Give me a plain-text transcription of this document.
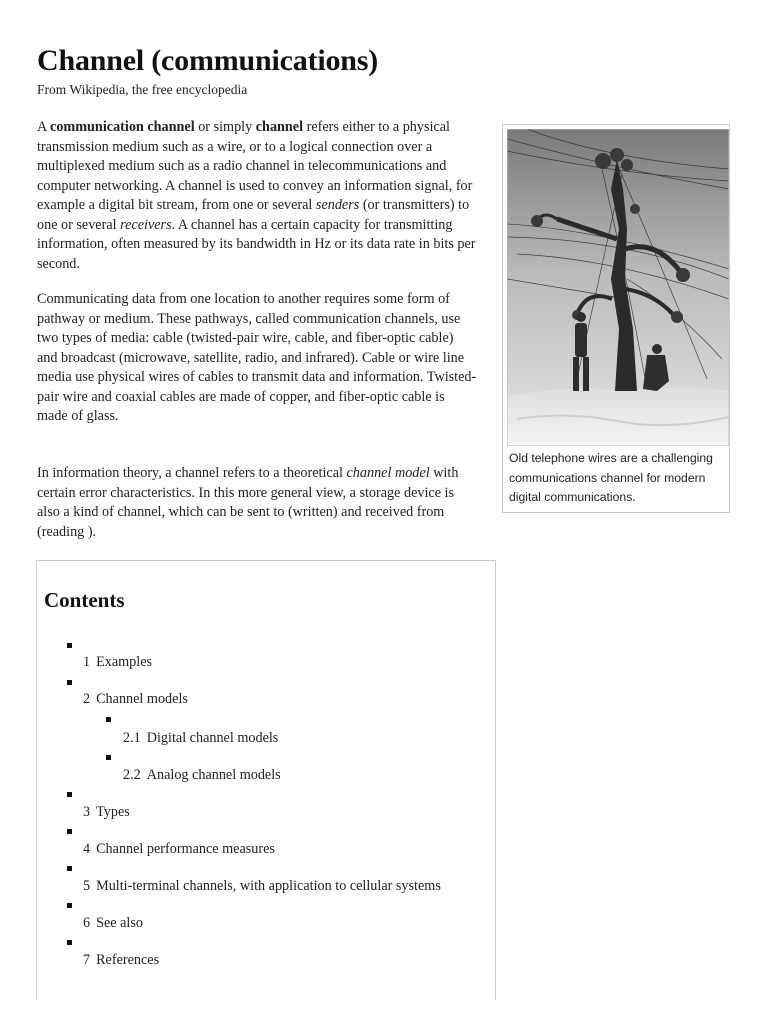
Channel (communications)
From Wikipedia, the free encyclopedia

A communication channel or simply channel refers either to a physical transmission medium such as a wire, or to a logical connection over a multiplexed medium such as a radio channel in telecommunications and computer networking. A channel is used to convey an information signal, for example a digital bit stream, from one or several senders (or transmitters) to one or several receivers. A channel has a certain capacity for transmitting information, often measured by its bandwidth in Hz or its data rate in bits per second.

Communicating data from one location to another requires some form of pathway or medium. These pathways, called communication channels, use two types of media: cable (twisted-pair wire, cable, and fiber-optic cable) and broadcast (microwave, satellite, radio, and infrared). Cable or wire line media use physical wires of cables to transmit data and information. Twisted-pair wire and coaxial cables are made of copper, and fiber-optic cable is made of glass.

In information theory, a channel refers to a theoretical channel model with certain error characteristics. In this more general view, a storage device is also a kind of channel, which can be sent to (written) and received from (reading ).

Old telephone wires are a challenging communications channel for modern digital communications.
Contents
1 Examples
2 Channel models
2.1 Digital channel models
2.2 Analog channel models
3 Types
4 Channel performance measures
5 Multi-terminal channels, with application to cellular systems
6 See also
7 References
